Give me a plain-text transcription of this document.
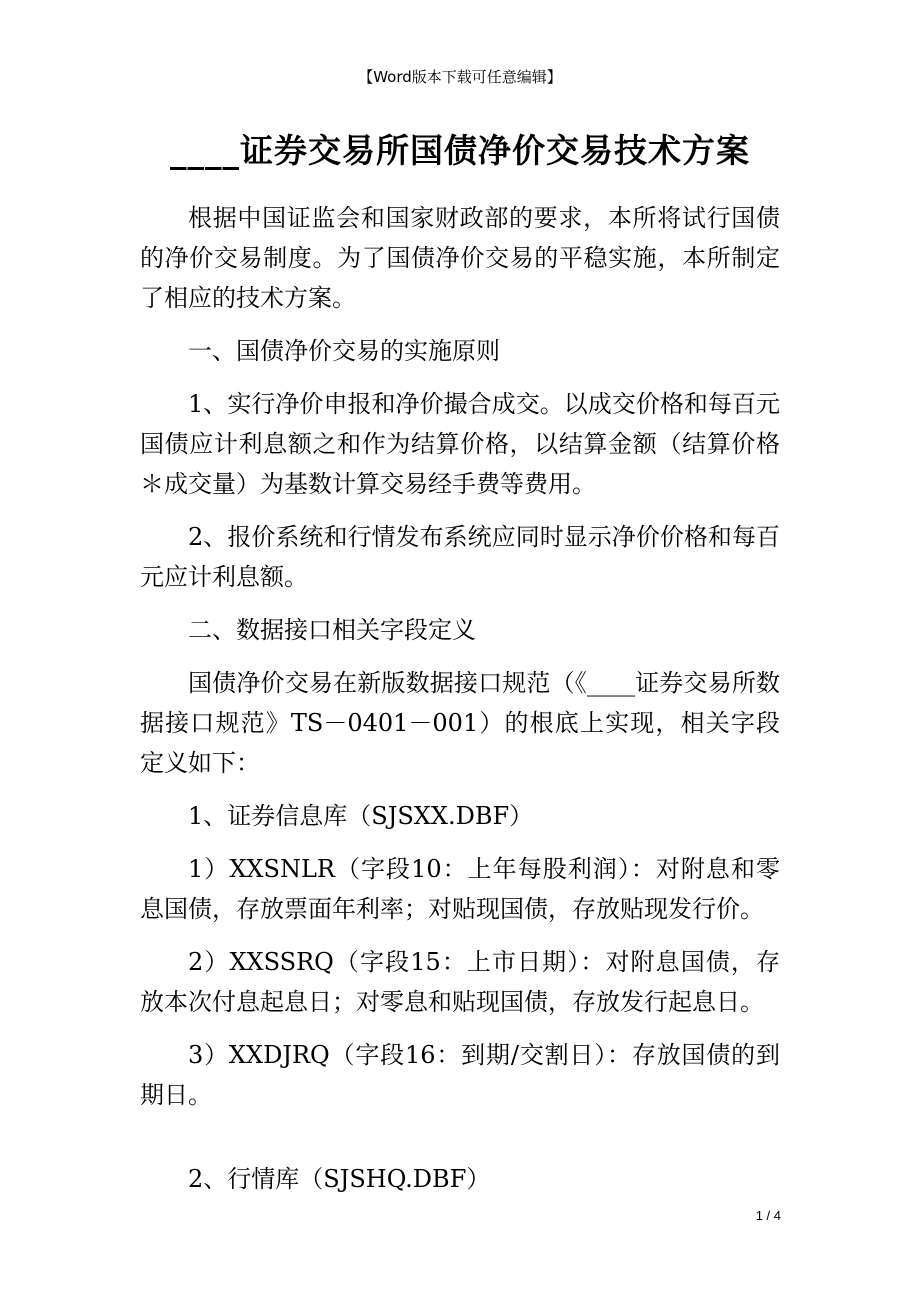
【Word版本下载可任意编辑】
____证券交易所国债净价交易技术方案

根据中国证监会和国家财政部的要求，本所将试行国债的净价交易制度。为了国债净价交易的平稳实施，本所制定了相应的技术方案。

一、国债净价交易的实施原则

1、实行净价申报和净价撮合成交。以成交价格和每百元国债应计利息额之和作为结算价格，以结算金额（结算价格＊成交量）为基数计算交易经手费等费用。

2、报价系统和行情发布系统应同时显示净价价格和每百元应计利息额。

二、数据接口相关字段定义

国债净价交易在新版数据接口规范（《____证券交易所数据接口规范》TS－0401－001）的根底上实现，相关字段定义如下：

1、证券信息库（SJSXX.DBF）

1）XXSNLR（字段10：上年每股利润）：对附息和零息国债，存放票面年利率；对贴现国债，存放贴现发行价。

2）XXSSRQ（字段15：上市日期）：对附息国债，存放本次付息起息日；对零息和贴现国债，存放发行起息日。

3）XXDJRQ（字段16：到期/交割日）：存放国债的到期日。

2、行情库（SJSHQ.DBF）

1 / 4
